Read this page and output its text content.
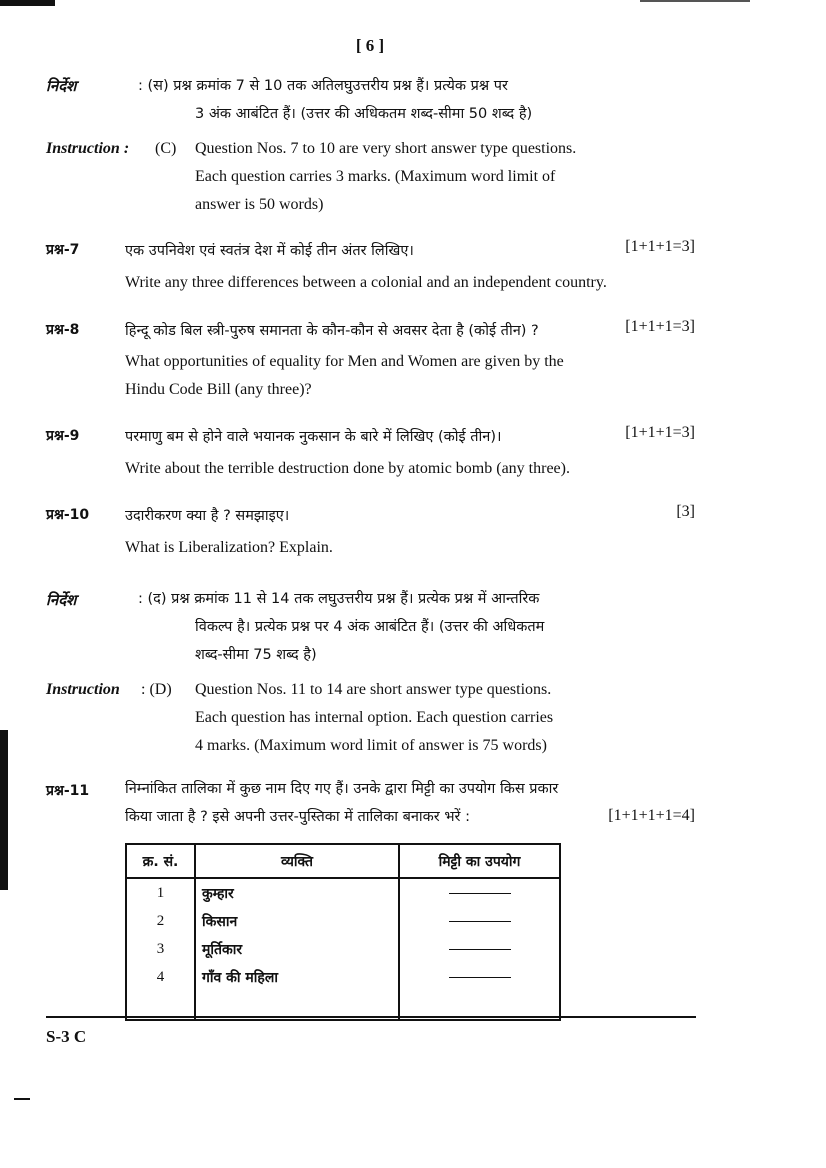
[ 6 ]
निर्देश	: (स) प्रश्न क्रमांक 7 से 10 तक अतिलघुउत्तरीय प्रश्न हैं। प्रत्येक प्रश्न पर
3 अंक आबंटित हैं। (उत्तर की अधिकतम शब्द-सीमा 50 शब्द है)
Instruction : (C) Question Nos. 7 to 10 are very short answer type questions.
Each question carries 3 marks. (Maximum word limit of
answer is 50 words)
प्रश्न-7	एक उपनिवेश एवं स्वतंत्र देश में कोई तीन अंतर लिखिए।	[1+1+1=3]
Write any three differences between a colonial and an independent country.
प्रश्न-8	हिन्दू कोड बिल स्त्री-पुरुष समानता के कौन-कौन से अवसर देता है (कोई तीन) ?	[1+1+1=3]
What opportunities of equality for Men and Women are given by the
Hindu Code Bill (any three)?
प्रश्न-9	परमाणु बम से होने वाले भयानक नुकसान के बारे में लिखिए (कोई तीन)।	[1+1+1=3]
Write about the terrible destruction done by atomic bomb (any three).
प्रश्न-10 उदारीकरण क्या है ? समझाइए।	[3]
What is Liberalization? Explain.
निर्देश	: (द) प्रश्न क्रमांक 11 से 14 तक लघुउत्तरीय प्रश्न हैं। प्रत्येक प्रश्न में आन्तरिक
विकल्प है। प्रत्येक प्रश्न पर 4 अंक आबंटित हैं। (उत्तर की अधिकतम
शब्द-सीमा 75 शब्द है)
Instruction : (D) Question Nos. 11 to 14 are short answer type questions.
Each question has internal option. Each question carries
4 marks. (Maximum word limit of answer is 75 words)
प्रश्न-11 निम्नांकित तालिका में कुछ नाम दिए गए हैं। उनके द्वारा मिट्टी का उपयोग किस प्रकार
किया जाता है ? इसे अपनी उत्तर-पुस्तिका में तालिका बनाकर भरें :	[1+1+1+1=4]
क्र. सं.	व्यक्ति	मिट्टी का उपयोग
1	कुम्हार	
2	किसान	
3	मूर्तिकार	
4	गाँव की महिला	

S-3 C
